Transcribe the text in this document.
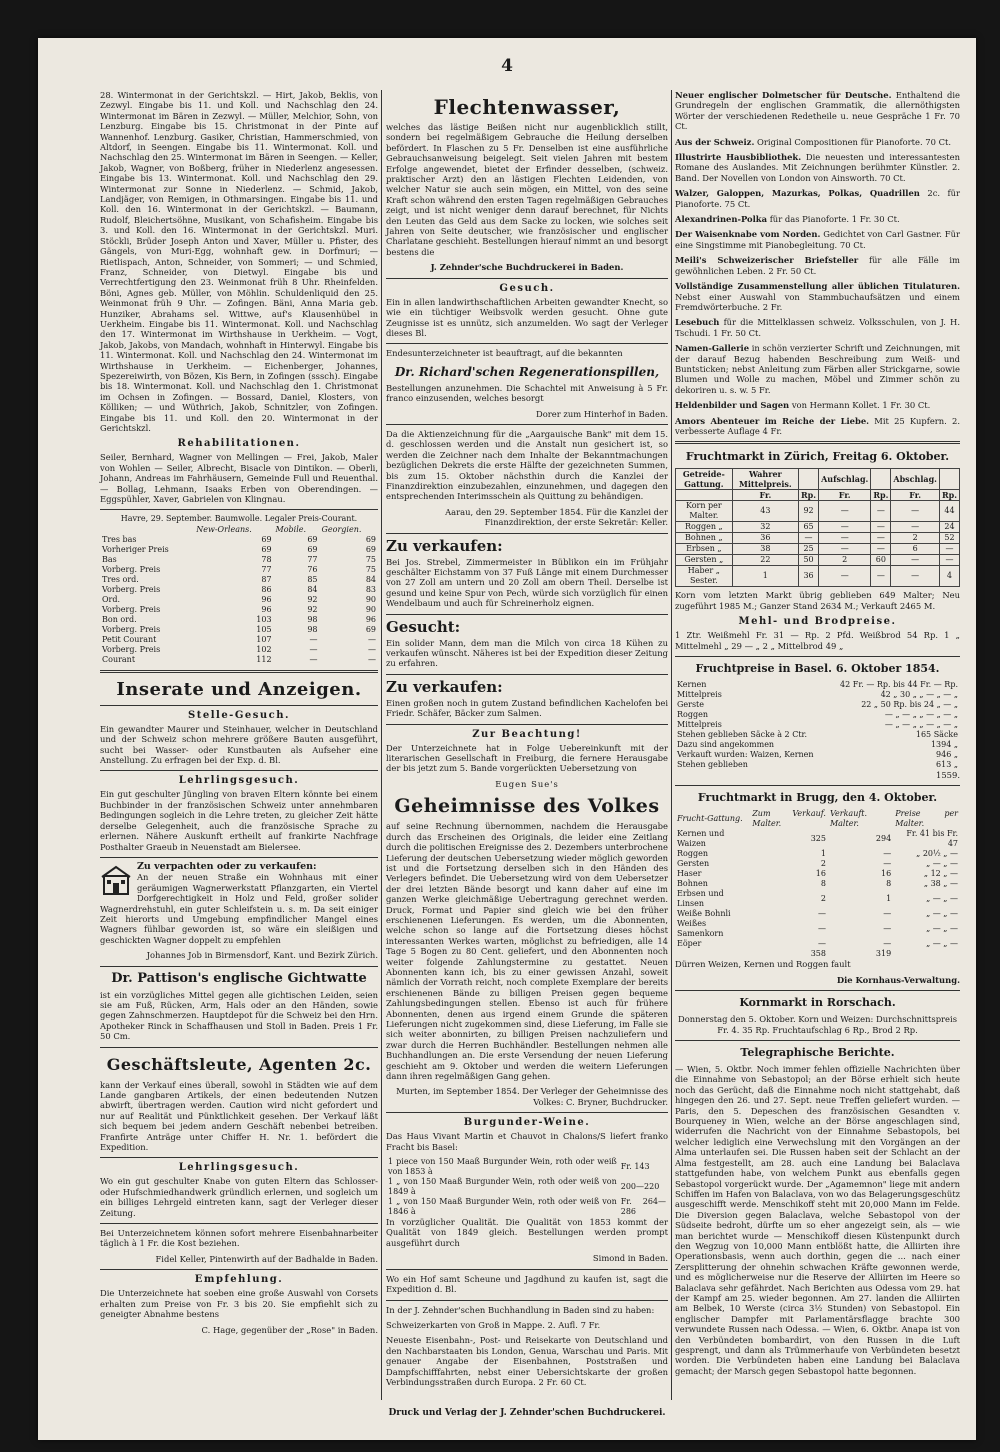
4

28. Wintermonat in der Gerichtskzl. — Hirt, Jakob, Beklis, von Zezwyl. Eingabe bis 11. und Koll. und Nachschlag den 24. Wintermonat im Bären in Zezwyl. — Müller, Melchior, Sohn, von Lenzburg. Eingabe bis 15. Christmonat in der Pinte auf Wannenhof. Lenzburg. Gasiker, Christian, Hammerschmied, von Altdorf, in Seengen. Eingabe bis 11. Wintermonat. Koll. und Nachschlag den 25. Wintermonat im Bären in Seengen. — Keller, Jakob, Wagner, von Boßberg, früher in Niederlenz angesessen. Eingabe bis 13. Wintermonat. Koll. und Nachschlag den 29. Wintermonat zur Sonne in Niederlenz. — Schmid, Jakob, Landjäger, von Remigen, in Othmarsingen. Eingabe bis 11. und Koll. den 16. Wintermonat in der Gerichtskzl. — Baumann, Rudolf, Bleichertsöhne, Musikant, von Schafisheim. Eingabe bis 3. und Koll. den 16. Wintermonat in der Gerichtskzl. Muri. Stöckli, Brüder Joseph Anton und Xaver, Müller u. Pfister, des Gängels, von Muri-Egg, wohnhaft gew. in Dorfmuri; — Rietlispach, Anton, Schneider, von Sommeri; — und Schmied, Franz, Schneider, von Dietwyl. Eingabe bis und Verrechtfertigung den 23. Weinmonat früh 8 Uhr. Rheinfelden. Böni, Agnes geb. Müller, von Möhlin. Schuldenliquid den 25. Weinmonat früh 9 Uhr. — Zofingen. Bäni, Anna Maria geb. Hunziker, Abrahams sel. Wittwe, auf's Klausenhübel in Uerkheim. Eingabe bis 11. Wintermonat. Koll. und Nachschlag den 17. Wintermonat im Wirthshause in Uerkheim. — Vogt, Jakob, Jakobs, von Mandach, wohnhaft in Hinterwyl. Eingabe bis 11. Wintermonat. Koll. und Nachschlag den 24. Wintermonat im Wirthshause in Uerkheim. — Eichenberger, Johannes, Spezereiwirth, von Bözen, Kis Bern, in Zofingen (sssch). Eingabe bis 18. Wintermonat. Koll. und Nachschlag den 1. Christmonat im Ochsen in Zofingen. — Bossard, Daniel, Klosters, von Kölliken; — und Wüthrich, Jakob, Schnitzler, von Zofingen. Eingabe bis 11. und Koll. den 20. Wintermonat in der Gerichtskzl.

Rehabilitationen.

Seiler, Bernhard, Wagner von Mellingen — Frei, Jakob, Maler von Wohlen — Seiler, Albrecht, Bisacle von Dintikon. — Oberli, Johann, Andreas im Fahrhäusern, Gemeinde Full und Reuenthal. — Bollag, Lehmann, Isaaks Erben von Oberendingen. — Eggspühler, Xaver, Gabrielen von Klingnau.

Havre, 29. September. Baumwolle. Legaler Preis-Courant.
	New-Orleans.	Mobile.	Georgien.
Tres bas	69	69	69
Vorheriger Preis	69	69	69
Bas	78	77	75
Vorberg. Preis	77	76	75
Tres ord.	87	85	84
Vorberg. Preis	86	84	83
Ord.	96	92	90
Vorberg. Preis	96	92	90
Bon ord.	103	98	96
Vorberg. Preis	105	98	69
Petit Courant	107	—	—
Vorberg. Preis	102	—	—
Courant	112	—	—
Inserate und Anzeigen.
Stelle-Gesuch.

Ein gewandter Maurer und Steinhauer, welcher in Deutschland und der Schweiz schon mehrere größere Bauten ausgeführt, sucht bei Wasser- oder Kunstbauten als Aufseher eine Anstellung. Zu erfragen bei der Exp. d. Bl.

Lehrlingsgesuch.

Ein gut geschulter Jüngling von braven Eltern könnte bei einem Buchbinder in der französischen Schweiz unter annehmbaren Bedingungen sogleich in die Lehre treten, zu gleicher Zeit hätte derselbe Gelegenheit, auch die französische Sprache zu erlernen. Nähere Auskunft ertheilt auf frankirte Nachfrage Posthalter Graeub in Neuenstadt am Bielersee.

Zu verpachten oder zu verkaufen:

An der neuen Straße ein Wohnhaus mit einer geräumigen Wagnerwerkstatt Pflanzgarten, ein Viertel Dorfgerechtigkeit in Holz und Feld, großer solider Wagnerdrehstuhl, ein guter Schleifstein u. s. m. Da seit einiger Zeit hierorts und Umgebung empfindlicher Mangel eines Wagners fühlbar geworden ist, so wäre ein sleißigen und geschickten Wagner doppelt zu empfehlen

Johannes Job in Birmensdorf, Kant. und Bezirk Zürich.

Dr. Pattison's englische Gichtwatte

ist ein vorzügliches Mittel gegen alle gichtischen Leiden, seien sie am Fuß, Rücken, Arm, Hals oder an den Händen, sowie gegen Zahnschmerzen. Hauptdepot für die Schweiz bei den Hrn. Apotheker Rinck in Schaffhausen und Stoll in Baden. Preis 1 Fr. 50 Cm.

Geschäftsleute, Agenten 2c.

kann der Verkauf eines überall, sowohl in Städten wie auf dem Lande gangbaren Artikels, der einen bedeutenden Nutzen abwirft, übertragen werden. Caution wird nicht gefordert und nur auf Realität und Pünktlichkeit gesehen. Der Verkauf läßt sich bequem bei jedem andern Geschäft nebenbei betreiben. Franfirte Anträge unter Chiffer H. Nr. 1. befördert die Expedition.

Lehrlingsgesuch.

Wo ein gut geschulter Knabe von guten Eltern das Schlosser- oder Hufschmiedhandwerk gründlich erlernen, und sogleich um ein billiges Lehrgeld eintreten kann, sagt der Verleger dieser Zeitung.

Bei Unterzeichnetem können sofort mehrere Eisenbahnarbeiter täglich à 1 Fr. die Kost beziehen.

Fidel Keller, Pintenwirth auf der Badhalde in Baden.

Empfehlung.

Die Unterzeichnete hat soeben eine große Auswahl von Corsets erhalten zum Preise von Fr. 3 bis 20. Sie empfiehlt sich zu geneigter Abnahme bestens

C. Hage, gegenüber der „Rose" in Baden.

Flechtenwasser,

welches das lästige Beißen nicht nur augenblicklich stillt, sondern bei regelmäßigem Gebrauche die Heilung derselben befördert. In Flaschen zu 5 Fr. Denselben ist eine ausführliche Gebrauchsanweisung beigelegt. Seit vielen Jahren mit bestem Erfolge angewendet, bietet der Erfinder desselben, (schweiz. praktischer Arzt) den an lästigen Flechten Leidenden, von welcher Natur sie auch sein mögen, ein Mittel, von des seine Kraft schon während den ersten Tagen regelmäßigen Gebrauches zeigt, und ist nicht weniger denn darauf berechnet, für Nichts den Leuten das Geld aus dem Sacke zu locken, wie solches seit Jahren von Seite deutscher, wie französischer und englischer Charlatane geschieht. Bestellungen hierauf nimmt an und besorgt bestens die

J. Zehnder'sche Buchdruckerei in Baden.

Gesuch.

Ein in allen landwirthschaftlichen Arbeiten gewandter Knecht, so wie ein tüchtiger Weibsvolk werden gesucht. Ohne gute Zeugnisse ist es unnütz, sich anzumelden. Wo sagt der Verleger dieses Bl.

Endesunterzeichneter ist beauftragt, auf die bekannten

Dr. Richard'schen Regenerationspillen,

Bestellungen anzunehmen. Die Schachtel mit Anweisung à 5 Fr. franco einzusenden, welches besorgt

Dorer zum Hinterhof in Baden.

Da die Aktienzeichnung für die „Aargauische Bank" mit dem 15. d. geschlossen werden und die Anstalt nun gesichert ist, so werden die Zeichner nach dem Inhalte der Bekanntmachungen bezüglichen Dekrets die erste Hälfte der gezeichneten Summen, bis zum 15. Oktober nächsthin durch die Kanzlei der Finanzdirektion einzubezahlen, einzunehmen, und dagegen den entsprechenden Interimsschein als Quittung zu behändigen.

Aarau, den 29. September 1854. Für die Kanzlei der Finanzdirektion, der erste Sekretär: Keller.

Zu verkaufen:

Bei Jos. Strebel, Zimmermeister in Büblikon ein im Frühjahr geschälter Eichstamm von 37 Fuß Länge mit einem Durchmesser von 27 Zoll am untern und 20 Zoll am obern Theil. Derselbe ist gesund und keine Spur von Pech, würde sich vorzüglich für einen Wendelbaum und auch für Schreinerholz eignen.

Gesucht:

Ein solider Mann, dem man die Milch von circa 18 Kühen zu verkaufen wünscht. Näheres ist bei der Expedition dieser Zeitung zu erfahren.

Zu verkaufen:

Einen großen noch in gutem Zustand befindlichen Kachelofen bei Friedr. Schäfer, Bäcker zum Salmen.

Zur Beachtung!

Der Unterzeichnete hat in Folge Uebereinkunft mit der literarischen Gesellschaft in Freiburg, die fernere Herausgabe der bis jetzt zum 5. Bande vorgerückten Uebersetzung von

Eugen Sue's
Geheimnisse des Volkes

auf seine Rechnung übernommen, nachdem die Herausgabe durch das Erscheinen des Originals, die leider eine Zeitlang durch die politischen Ereignisse des 2. Dezembers unterbrochene Lieferung der deutschen Uebersetzung wieder möglich geworden ist und die Fortsetzung derselben sich in den Händen des Verlegers befindet. Die Uebersetzung wird von dem Uebersetzer der drei letzten Bände besorgt und kann daher auf eine im ganzen Werke gleichmäßige Uebertragung gerechnet werden. Druck, Format und Papier sind gleich wie bei den früher erschienenen Lieferungen. Es werden, um die Abonnenten, welche schon so lange auf die Fortsetzung dieses höchst interessanten Werkes warten, möglichst zu befriedigen, alle 14 Tage 5 Bogen zu 80 Cent. geliefert, und den Abonnenten noch weiter folgende Zahlungstermine zu gestattet. Neuen Abonnenten kann ich, bis zu einer gewissen Anzahl, soweit nämlich der Vorrath reicht, noch complete Exemplare der bereits erschienenen Bände zu billigen Preisen gegen bequeme Zahlungsbedingungen stellen. Ebenso ist auch für frühere Abonnenten, denen aus irgend einem Grunde die späteren Lieferungen nicht zugekommen sind, diese Lieferung, im Falle sie sich weiter abonnirten, zu billigen Preisen nachzuliefern und zwar durch die Herren Buchhändler. Bestellungen nehmen alle Buchhandlungen an. Die erste Versendung der neuen Lieferung geschieht am 9. Oktober und werden die weitern Lieferungen dann ihren regelmäßigen Gang gehen.

Murten, im September 1854. Der Verleger der Geheimnisse des Volkes: C. Bryner, Buchdrucker.

Burgunder-Weine.

Das Haus Vivant Martin et Chauvot in Chalons/S liefert franko Fracht bis Basel:

1 piece von 150 Maaß Burgunder Wein, roth oder weiß von 1853 à	Fr. 143
1 „ von 150 Maaß Burgunder Wein, roth oder weiß von 1849 à	200—220
1 „ von 150 Maaß Burgunder Wein, roth oder weiß von 1846 à	Fr. 264—286

In vorzüglicher Qualität. Die Qualität von 1853 kommt der Qualität von 1849 gleich. Bestellungen werden prompt ausgeführt durch

Simond in Baden.

Wo ein Hof samt Scheune und Jagdhund zu kaufen ist, sagt die Expedition d. Bl.

In der J. Zehnder'schen Buchhandlung in Baden sind zu haben:

Schweizerkarten von Groß in Mappe. 2. Aufl. 7 Fr.

Neueste Eisenbahn-, Post- und Reisekarte von Deutschland und den Nachbarstaaten bis London, Genua, Warschau und Paris. Mit genauer Angabe der Eisenbahnen, Poststraßen und Dampfschifffahrten, nebst einer Uebersichtskarte der großen Verbindungsstraßen durch Europa. 2 Fr. 60 Ct.

Neuer englischer Dolmetscher für Deutsche. Enthaltend die Grundregeln der englischen Grammatik, die allernöthigsten Wörter der verschiedenen Redetheile u. neue Gespräche 1 Fr. 70 Ct.

Aus der Schweiz. Original Compositionen für Pianoforte. 70 Ct.

Illustrirte Hausbibliothek. Die neuesten und interessantesten Romane des Auslandes. Mit Zeichnungen berühmter Künstler. 2. Band. Der Novellen von London von Ainsworth. 70 Ct.

Walzer, Galoppen, Mazurkas, Polkas, Quadrillen 2c. für Pianoforte. 75 Ct.

Alexandrinen-Polka für das Pianoforte. 1 Fr. 30 Ct.

Der Waisenknabe vom Norden. Gedichtet von Carl Gastner. Für eine Singstimme mit Pianobegleitung. 70 Ct.

Meili's Schweizerischer Briefsteller für alle Fälle im gewöhnlichen Leben. 2 Fr. 50 Ct.

Vollständige Zusammenstellung aller üblichen Titulaturen. Nebst einer Auswahl von Stammbuchaufsätzen und einem Fremdwörterbuche. 2 Fr.

Lesebuch für die Mittelklassen schweiz. Volksschulen, von J. H. Tschudi. 1 Fr. 50 Ct.

Namen-Gallerie in schön verzierter Schrift und Zeichnungen, mit der darauf Bezug habenden Beschreibung zum Weiß- und Buntsticken; nebst Anleitung zum Färben aller Strickgarne, sowie Blumen und Wolle zu machen, Möbel und Zimmer schön zu dekoriren u. s. w. 5 Fr.

Heldenbilder und Sagen von Hermann Kollet. 1 Fr. 30 Ct.

Amors Abenteuer im Reiche der Liebe. Mit 25 Kupfern. 2. verbesserte Auflage 4 Fr.

Fruchtmarkt in Zürich, Freitag 6. Oktober.
Getreide-Gattung.	Wahrer Mittelpreis.		Aufschlag.		Abschlag.	
	Fr.	Rp.	Fr.	Rp.	Fr.	Rp.
Korn per Malter.	43	92	—	—	—	44
Roggen „	32	65	—	—	—	24
Bohnen „	36	—	—	—	2	52
Erbsen „	38	25	—	—	6	—
Gersten „	22	50	2	60	—	—
Haber „ Sester.	1	36	—	—	—	4

Korn vom letzten Markt übrig geblieben 649 Malter; Neu zugeführt 1985 M.; Ganzer Stand 2634 M.; Verkauft 2465 M.

Mehl- und Brodpreise.

1 Ztr. Weißmehl Fr. 31 — Rp. 2 Pfd. Weißbrod 54 Rp. 1 „ Mittelmehl „ 29 — „ 2 „ Mittelbrod 49 „

Fruchtpreise in Basel. 6. Oktober 1854.
Kernen	42 Fr. — Rp. bis 44 Fr. — Rp.
Mittelpreis	42 „ 30 „ „ — „ — „
Gerste	22 „ 50 Rp. bis 24 „ — „
Roggen	— „ — „ „ — „ — „
Mittelpreis	— „ — „ „ — „ — „
Stehen geblieben Säcke à 2 Ctr.	165 Säcke
Dazu sind angekommen	1394 „
Verkauft wurden: Waizen, Kernen	946 „
Stehen geblieben	613 „

1559.

Fruchtmarkt in Brugg, den 4. Oktober.
Frucht-Gattung.	Zum Verkauf. Malter.	Verkauft. Malter.	Preise per Malter.
Kernen und Waizen	325	294	Fr. 41 bis Fr. 47
Roggen	1	—	„ 20½ „ —
Gersten	2	—	„ — „ —
Haser	16	16	„ 12 „ —
Bohnen	8	8	„ 38 „ —
Erbsen und Linsen	2	1	„ — „ —
Weiße Bohnli	—	—	„ — „ —
Weißes Samenkorn	—	—	„ — „ —
Eöper	—	—	„ — „ —
	358	319	

Dürren Weizen, Kernen und Roggen fault

Die Kornhaus-Verwaltung.

Kornmarkt in Rorschach.

Donnerstag den 5. Oktober. Korn und Weizen: Durchschnittspreis Fr. 4. 35 Rp. Fruchtaufschlag 6 Rp., Brod 2 Rp.

Telegraphische Berichte.

— Wien, 5. Oktbr. Noch immer fehlen offizielle Nachrichten über die Einnahme von Sebastopol; an der Börse erhielt sich heute noch das Gerücht, daß die Einnahme noch nicht stattgehabt, daß hingegen den 26. und 27. Sept. neue Treffen geliefert wurden. — Paris, den 5. Depeschen des französischen Gesandten v. Bourqueney in Wien, welche an der Börse angeschlagen sind, widerrufen die Nachricht von der Einnahme Sebastopols, bei welcher lediglich eine Verwechslung mit den Vorgängen an der Alma unterlaufen sei. Die Russen haben seit der Schlacht an der Alma festgestellt, am 28. auch eine Landung bei Balaclava stattgefunden habe, von welchem Punkt aus ebenfalls gegen Sebastopol vorgerückt wurde. Der „Agamemnon" liege mit andern Schiffen im Hafen von Balaclava, von wo das Belagerungsgeschütz ausgeschifft werde. Menschikoff steht mit 20,000 Mann im Felde. Die Diversion gegen Balaclava, welche Sebastopol von der Südseite bedroht, dürfte um so eher angezeigt sein, als — wie man berichtet wurde — Menschikoff diesen Küstenpunkt durch den Wegzug von 10,000 Mann entblößt hatte, die Alliirten ihre Operationsbasis, wenn auch dorthin, gegen die ... nach einer Zersplitterung der ohnehin schwachen Kräfte gewonnen werde, und es möglicherweise nur die Reserve der Alliirten im Heere so Balaclava sehr gefährdet. Nach Berichten aus Odessa vom 29. hat der Kampf am 25. wieder begonnen. Am 27. landen die Alliirten am Belbek, 10 Werste (circa 3½ Stunden) von Sebastopol. Ein englischer Dampfer mit Parlamentärsflagge brachte 300 verwundete Russen nach Odessa. — Wien, 6. Oktbr. Anapa ist von den Verbündeten bombardirt, von den Russen in die Luft gesprengt, und dann als Trümmerhaufe von Verbündeten besetzt worden. Die Verbündeten haben eine Landung bei Balaclava gemacht; der Marsch gegen Sebastopol hatte begonnen.

Druck und Verlag der J. Zehnder'schen Buchdruckerei.
